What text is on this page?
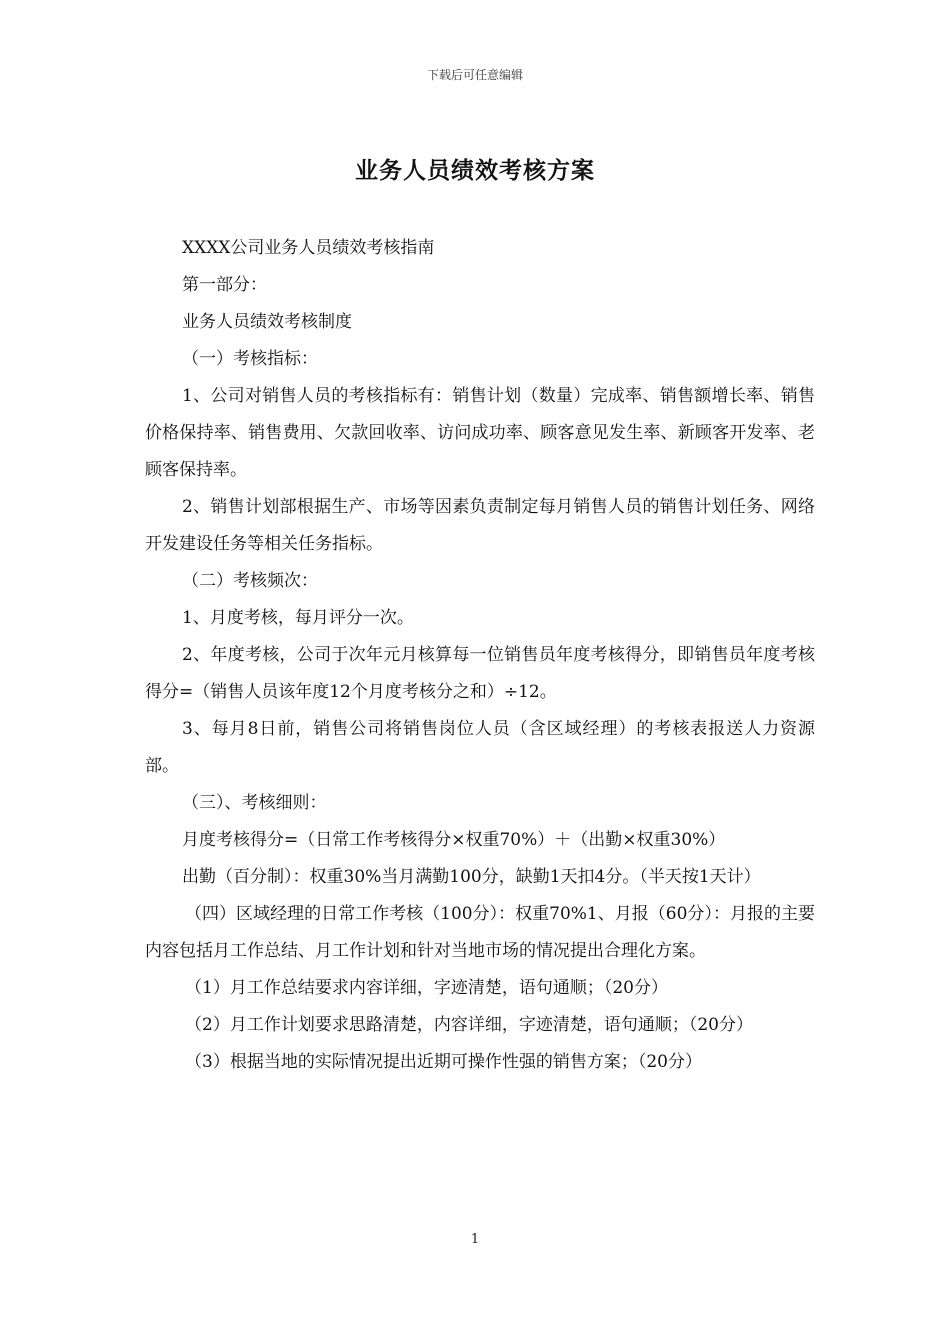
下载后可任意编辑
业务人员绩效考核方案

XXXX公司业务人员绩效考核指南

第一部分：

业务人员绩效考核制度

（一）考核指标：

1、公司对销售人员的考核指标有：销售计划（数量）完成率、销售额增长率、销售价格保持率、销售费用、欠款回收率、访问成功率、顾客意见发生率、新顾客开发率、老顾客保持率。

2、销售计划部根据生产、市场等因素负责制定每月销售人员的销售计划任务、网络开发建设任务等相关任务指标。

（二）考核频次：

1、月度考核，每月评分一次。

2、年度考核，公司于次年元月核算每一位销售员年度考核得分，即销售员年度考核得分=（销售人员该年度12个月度考核分之和）÷12。

3、每月8日前，销售公司将销售岗位人员（含区域经理）的考核表报送人力资源部。

（三）、考核细则：

月度考核得分=（日常工作考核得分×权重70%）＋（出勤×权重30%）

出勤（百分制）：权重30%当月满勤100分，缺勤1天扣4分。（半天按1天计）

（四）区域经理的日常工作考核（100分）：权重70%1、月报（60分）：月报的主要内容包括月工作总结、月工作计划和针对当地市场的情况提出合理化方案。

（1）月工作总结要求内容详细，字迹清楚，语句通顺；（20分）

（2）月工作计划要求思路清楚，内容详细，字迹清楚，语句通顺；（20分）

（3）根据当地的实际情况提出近期可操作性强的销售方案；（20分）

1
